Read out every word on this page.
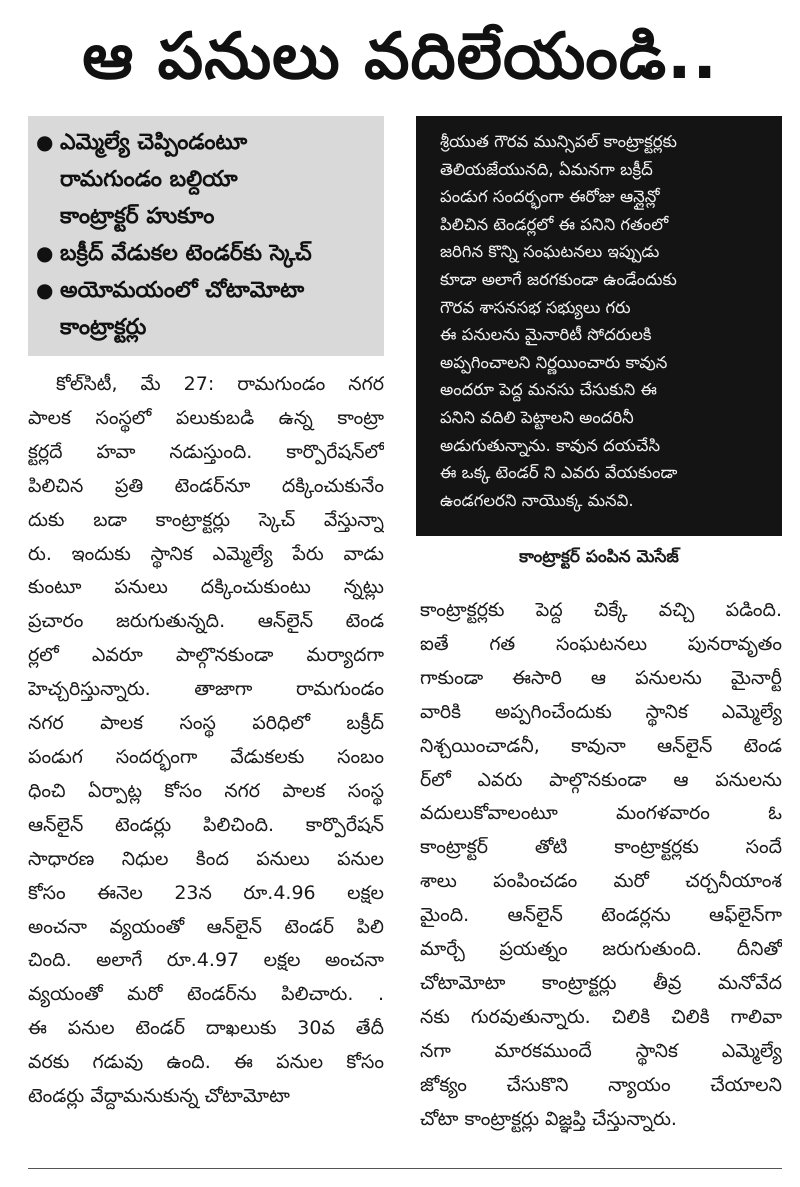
ఆ పనులు వదిలేయండి..
● ఎమ్మెల్యే చెప్పిండంటూ
రామగుండం బల్దియా
కాంట్రాక్టర్ హుకూం
● బక్రీద్ వేడుకల టెండర్‌కు స్కెచ్
● అయోమయంలో చోటామోటా
కాంట్రాక్టర్లు
శ్రీయుత గౌరవ మున్సిపల్ కాంట్రాక్టర్లకు
తెలియజేయునది, ఏమనగా బక్రీద్
పండుగ సందర్భంగా ఈరోజు ఆన్లైన్లో
పిలిచిన టెండర్లలో ఈ పనిని గతంలో
జరిగిన కొన్ని సంఘటనలు ఇప్పుడు
కూడా అలాగే జరగకుండా ఉండేందుకు
గౌరవ శాసనసభ సభ్యులు గరు
ఈ పనులను మైనారిటీ సోదరులకి
అప్పగించాలని నిర్ణయించారు కావున
అందరూ పెద్ద మనసు చేసుకుని ఈ
పనిని వదిలి పెట్టాలని అందరినీ
అడుగుతున్నాను. కావున దయచేసి
ఈ ఒక్క టెండర్ ని ఎవరు వేయకుండా
ఉండగలరని నాయొక్క మనవి.
కాంట్రాక్టర్ పంపిన మెసేజ్
కోల్‌సిటీ, మే 27: రామగుండం నగర
పాలక సంస్థలో పలుకుబడి ఉన్న కాంట్రా
క్టర్లదే హవా నడుస్తుంది. కార్పొరేషన్‌లో
పిలిచిన ప్రతి టెండర్‌నూ దక్కించుకునేం
దుకు బడా కాంట్రాక్టర్లు స్కెచ్ వేస్తున్నా
రు. ఇందుకు స్థానిక ఎమ్మెల్యే పేరు వాడు
కుంటూ పనులు దక్కించుకుంటు న్నట్లు
ప్రచారం జరుగుతున్నది. ఆన్‌లైన్ టెండ
ర్లలో ఎవరూ పాల్గొనకుండా మర్యాదగా
హెచ్చరిస్తున్నారు. తాజాగా రామగుండం
నగర పాలక సంస్థ పరిధిలో బక్రీద్
పండుగ సందర్భంగా వేడుకలకు సంబం
ధించి ఏర్పాట్ల కోసం నగర పాలక సంస్థ
ఆన్‌లైన్ టెండర్లు పిలిచింది. కార్పొరేషన్
సాధారణ నిధుల కింద పనులు పనుల
కోసం ఈనెల 23న రూ.4.96 లక్షల
అంచనా వ్యయంతో ఆన్‌లైన్ టెండర్ పిలి
చింది. అలాగే రూ.4.97 లక్షల అంచనా
వ్యయంతో మరో టెండర్‌ను పిలిచారు. .
ఈ పనుల టెండర్ దాఖలుకు 30వ తేదీ
వరకు గడువు ఉంది. ఈ పనుల కోసం
టెండర్లు వేద్దామనుకున్న చోటామోటా
కాంట్రాక్టర్లకు పెద్ద చిక్కే వచ్చి పడింది.
ఐతే గత సంఘటనలు పునరావృతం
గాకుండా ఈసారి ఆ పనులను మైనార్టీ
వారికి అప్పగించేందుకు స్థానిక ఎమ్మెల్యే
నిశ్చయించాడనీ, కావునా ఆన్‌లైన్ టెండ
ర్‌లో ఎవరు పాల్గొనకుండా ఆ పనులను
వదులుకోవాలంటూ మంగళవారం ఓ
కాంట్రాక్టర్ తోటి కాంట్రాక్టర్లకు సందే
శాలు పంపించడం మరో చర్చనీయాంశ
మైంది. ఆన్‌లైన్ టెండర్లను ఆఫ్‌లైన్‌గా
మార్చే ప్రయత్నం జరుగుతుంది. దీనితో
చోటామోటా కాంట్రాక్టర్లు తీవ్ర మనోవేద
నకు గురవుతున్నారు. చిలికి చిలికి గాలివా
నగా మారకముందే స్థానిక ఎమ్మెల్యే
జోక్యం చేసుకొని న్యాయం చేయాలని
చోటా కాంట్రాక్టర్లు విజ్ఞప్తి చేస్తున్నారు.
